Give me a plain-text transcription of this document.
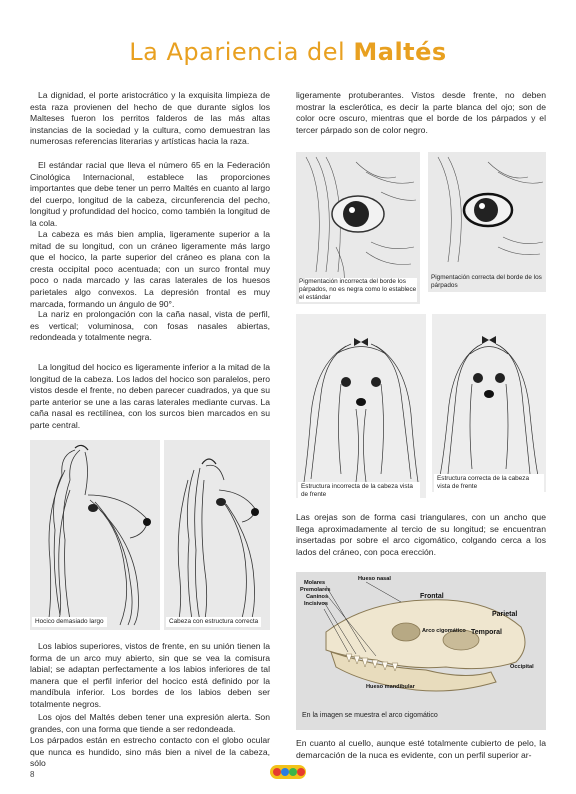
La Apariencia del Maltés

La dignidad, el porte aristocrático y la exquisita limpieza de esta raza provienen del hecho de que durante siglos los Malteses fueron los perritos falderos de las más altas instancias de la sociedad y la cultura, como demuestran las numerosas referencias literarias y artísticas hacia la raza.

El estándar racial que lleva el número 65 en la Federación Cinológica Internacional, establece las proporciones importantes que debe tener un perro Maltés en cuanto al largo del cuerpo, longitud de la cabeza, circunferencia del pecho, longitud y profundidad del hocico, como también la longitud de la cola.

La cabeza es más bien amplia, ligeramente superior a la mitad de su longitud, con un cráneo ligeramente más largo que el hocico, la parte superior del cráneo es plana con la cresta occipital poco acentuada; con un surco frontal muy poco o nada marcado y las caras laterales de los huesos parietales algo convexos. La depresión frontal es muy marcada, formando un ángulo de 90°.

La nariz en prolongación con la caña nasal, vista de perfil, es vertical; voluminosa, con fosas nasales abiertas, redondeada y totalmente negra.

La longitud del hocico es ligeramente inferior a la mitad de la longitud de la cabeza. Los lados del hocico son paralelos, pero vistos desde el frente, no deben parecer cuadrados, ya que su parte anterior se une a las caras laterales mediante curvas. La caña nasal es rectilínea, con los surcos bien marcados en su parte central.

Hocico demasiado largo	Cabeza con estructura correcta

Los labios superiores, vistos de frente, en su unión tienen la forma de un arco muy abierto, sin que se vea la comisura labial; se adaptan perfectamente a los labios inferiores de tal manera que el perfil inferior del hocico está definido por la mandíbula inferior. Los bordes de los labios deben ser totalmente negros.

Los ojos del Maltés deben tener una expresión alerta. Son grandes, con una forma que tiende a ser redondeada.
Los párpados están en estrecho contacto con el globo ocular que nunca es hundido, sino más bien a nivel de la cabeza, sólo

ligeramente protuberantes. Vistos desde frente, no deben mostrar la esclerótica, es decir la parte blanca del ojo; son de color ocre oscuro, mientras que el borde de los párpados y el tercer párpado son de color negro.

Pigmentación incorrecta del borde los párpados, no es negra como lo establece el estándar
Pigmentación correcta del borde de los párpados
Estructura incorrecta de la cabeza vista de frente
Estructura correcta de la cabeza vista de frente

Las orejas son de forma casi triangulares, con un ancho que llega aproximadamente al tercio de su longitud; se encuentran insertadas por sobre el arco cigomático, colgando cerca a los lados del cráneo, con poca erección.

Molares
Premolares
Caninos
Incisivos
Hueso nasal
Frontal
Parietal
Arco cigomático Temporal
Occipital
Hueso mandibular
En la imagen se muestra el arco cigomático

En cuanto al cuello, aunque esté totalmente cubierto de pelo, la demarcación de la nuca es evidente, con un perfil superior ar-

8
